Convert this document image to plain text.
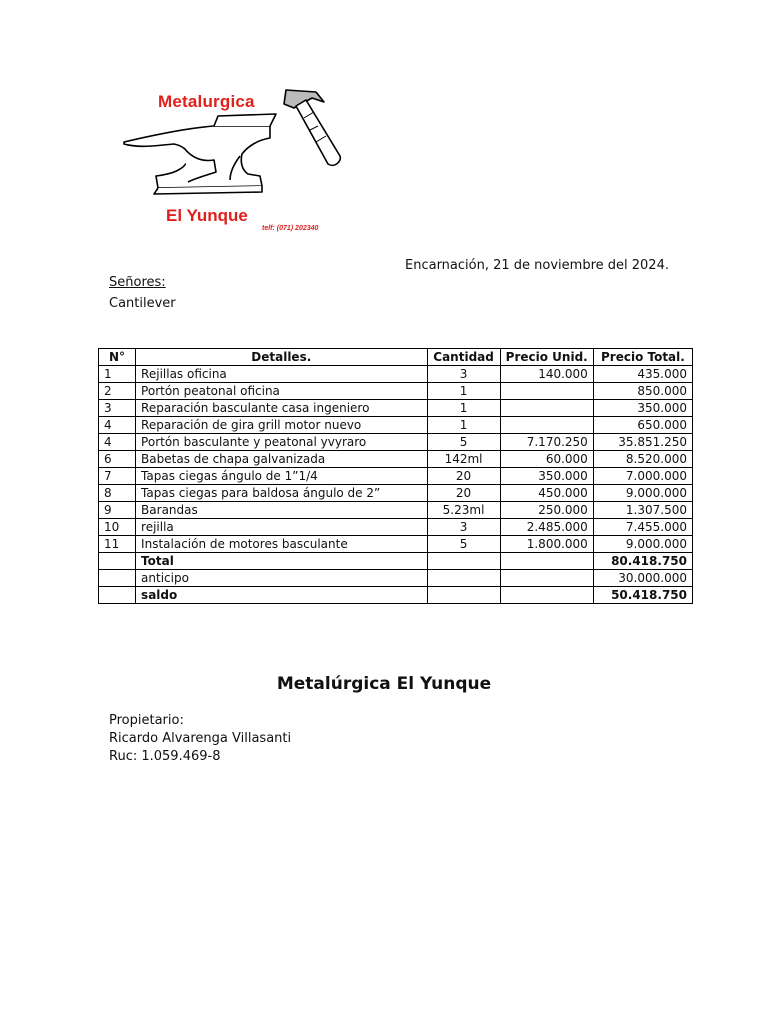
Metalurgica
El Yunque
telf: (071) 202340
Encarnación, 21 de noviembre del 2024.
Señores:
Cantilever
N°	Detalles.	Cantidad	Precio Unid.	Precio Total.
1	Rejillas oficina	3	140.000	435.000
2	Portón peatonal oficina	1		850.000
3	Reparación basculante casa ingeniero	1		350.000
4	Reparación de gira grill motor nuevo	1		650.000
4	Portón basculante y peatonal yvyraro	5	7.170.250	35.851.250
6	Babetas de chapa galvanizada	142ml	60.000	8.520.000
7	Tapas ciegas ángulo de 1”1/4	20	350.000	7.000.000
8	Tapas ciegas para baldosa ángulo de 2”	20	450.000	9.000.000
9	Barandas	5.23ml	250.000	1.307.500
10	rejilla	3	2.485.000	7.455.000
11	Instalación de motores basculante	5	1.800.000	9.000.000
	Total			80.418.750
	anticipo			30.000.000
	saldo			50.418.750
Metalúrgica El Yunque
Propietario:
Ricardo Alvarenga Villasanti
Ruc: 1.059.469-8
